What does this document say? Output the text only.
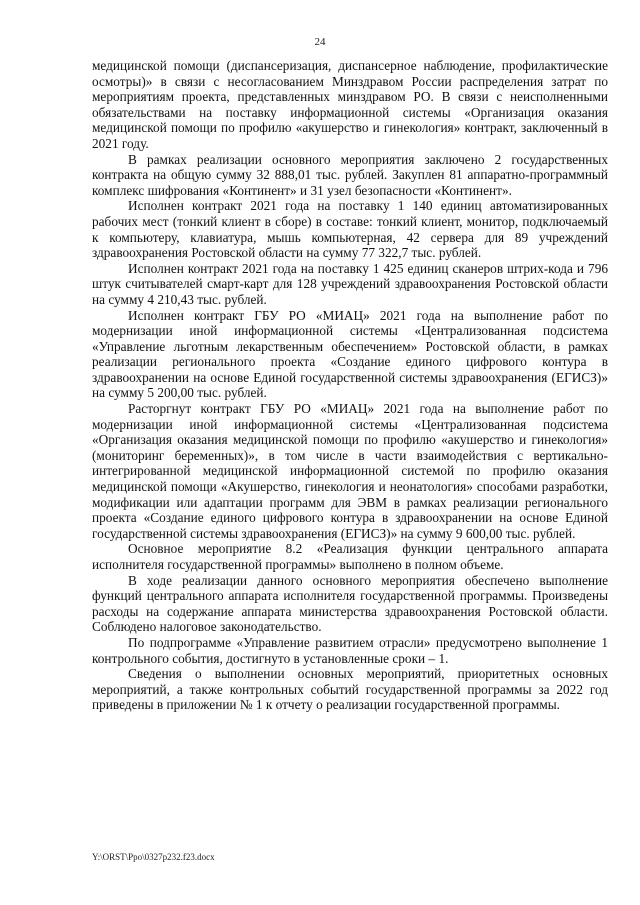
24

медицинской помощи (диспансеризация, диспансерное наблюдение, профилактические осмотры)» в связи с несогласованием Минздравом России распределения затрат по мероприятиям проекта, представленных минздравом РО. В связи с неисполненными обязательствами на поставку информационной системы «Организация оказания медицинской помощи по профилю «акушерство и гинекология» контракт, заключенный в 2021 году.

В рамках реализации основного мероприятия заключено 2 государственных контракта на общую сумму 32 888,01 тыс. рублей. Закуплен 81 аппаратно-программный комплекс шифрования «Континент» и 31 узел безопасности «Континент».

Исполнен контракт 2021 года на поставку 1 140 единиц автоматизированных рабочих мест (тонкий клиент в сборе) в составе: тонкий клиент, монитор, подключаемый к компьютеру, клавиатура, мышь компьютерная, 42 сервера для 89 учреждений здравоохранения Ростовской области на сумму 77 322,7 тыс. рублей.

Исполнен контракт 2021 года на поставку 1 425 единиц сканеров штрих-кода и 796 штук считывателей смарт-карт для 128 учреждений здравоохранения Ростовской области на сумму 4 210,43 тыс. рублей.

Исполнен контракт ГБУ РО «МИАЦ» 2021 года на выполнение работ по модернизации иной информационной системы «Централизованная подсистема «Управление льготным лекарственным обеспечением» Ростовской области, в рамках реализации регионального проекта «Создание единого цифрового контура в здравоохранении на основе Единой государственной системы здравоохранения (ЕГИСЗ)» на сумму 5 200,00 тыс. рублей.

Расторгнут контракт ГБУ РО «МИАЦ» 2021 года на выполнение работ по модернизации иной информационной системы «Централизованная подсистема «Организация оказания медицинской помощи по профилю «акушерство и гинекология» (мониторинг беременных)», в том числе в части взаимодействия с вертикально-интегрированной медицинской информационной системой по профилю оказания медицинской помощи «Акушерство, гинекология и неонатология» способами разработки, модификации или адаптации программ для ЭВМ в рамках реализации регионального проекта «Создание единого цифрового контура в здравоохранении на основе Единой государственной системы здравоохранения (ЕГИСЗ)» на сумму 9 600,00 тыс. рублей.

Основное мероприятие 8.2 «Реализация функции центрального аппарата исполнителя государственной программы» выполнено в полном объеме.

В ходе реализации данного основного мероприятия обеспечено выполнение функций центрального аппарата исполнителя государственной программы. Произведены расходы на содержание аппарата министерства здравоохранения Ростовской области. Соблюдено налоговое законодательство.

По подпрограмме «Управление развитием отрасли» предусмотрено выполнение 1 контрольного события, достигнуто в установленные сроки – 1.

Сведения о выполнении основных мероприятий, приоритетных основных мероприятий, а также контрольных событий государственной программы за 2022 год приведены в приложении № 1 к отчету о реализации государственной программы.

Y:\ORST\Ppo\0327p232.f23.docx
